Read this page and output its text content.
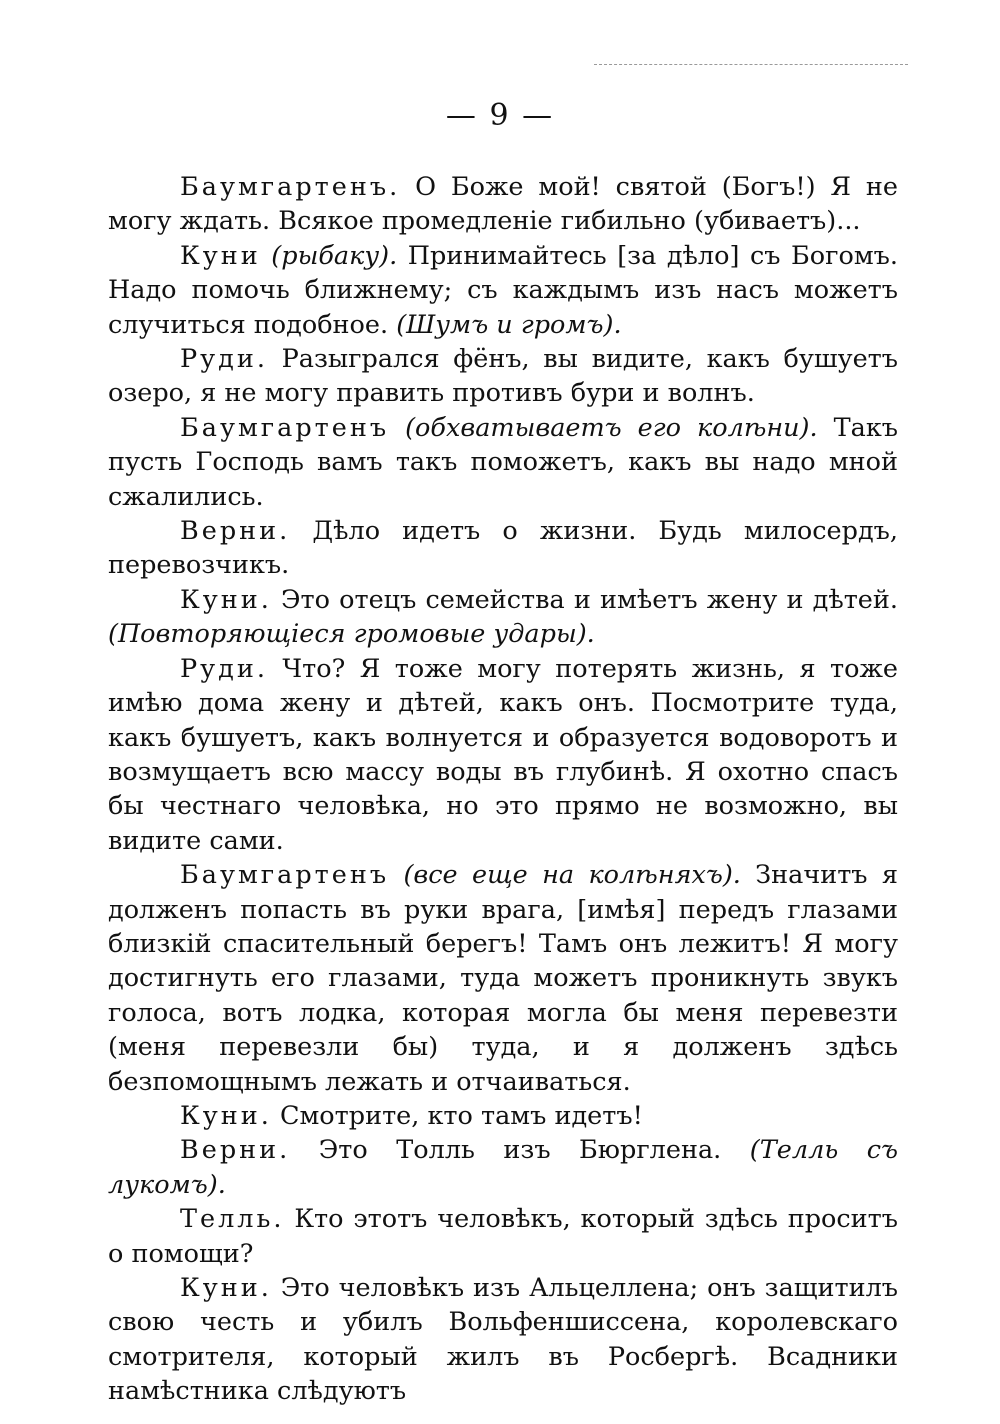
— 9 —

Баумгартенъ. О Боже мой! святой (Богъ!) Я не могу ждать. Всякое промедленіе гибильно (убиваетъ)...

Куни (рыбаку). Принимайтесь [за дѣло] съ Богомъ. Надо помочь ближнему; съ каждымъ изъ насъ можетъ случиться подобное. (Шумъ и громъ).

Руди. Разыгрался фёнъ, вы видите, какъ бушуетъ озеро, я не могу править противъ бури и волнъ.

Баумгартенъ (обхватываетъ его колѣни). Такъ пусть Господь вамъ такъ поможетъ, какъ вы надо мной сжалились.

Верни. Дѣло идетъ о жизни. Будь милосердъ, перевозчикъ.

Куни. Это отецъ семейства и имѣетъ жену и дѣтей. (Повторяющіеся громовые удары).

Руди. Что? Я тоже могу потерять жизнь, я тоже имѣю дома жену и дѣтей, какъ онъ. Посмотрите туда, какъ бушуетъ, какъ волнуется и образуется водоворотъ и возмущаетъ всю массу воды въ глубинѣ. Я охотно спасъ бы честнаго человѣка, но это прямо не возможно, вы видите сами.

Баумгартенъ (все еще на колѣняхъ). Значитъ я долженъ попасть въ руки врага, [имѣя] передъ глазами близкій спасительный берегъ! Тамъ онъ лежитъ! Я могу достигнуть его глазами, туда можетъ проникнуть звукъ голоса, вотъ лодка, которая могла бы меня перевезти (меня перевезли бы) туда, и я долженъ здѣсь безпомощнымъ лежать и отчаиваться.

Куни. Смотрите, кто тамъ идетъ!

Верни. Это Толль изъ Бюрглена. (Телль съ лукомъ).

Телль. Кто этотъ человѣкъ, который здѣсь проситъ о помощи?

Куни. Это человѣкъ изъ Альцеллена; онъ защитилъ свою честь и убилъ Вольфеншиссена, королевскаго смотрителя, который жилъ въ Росбергѣ. Всадники намѣстника слѣдуютъ
